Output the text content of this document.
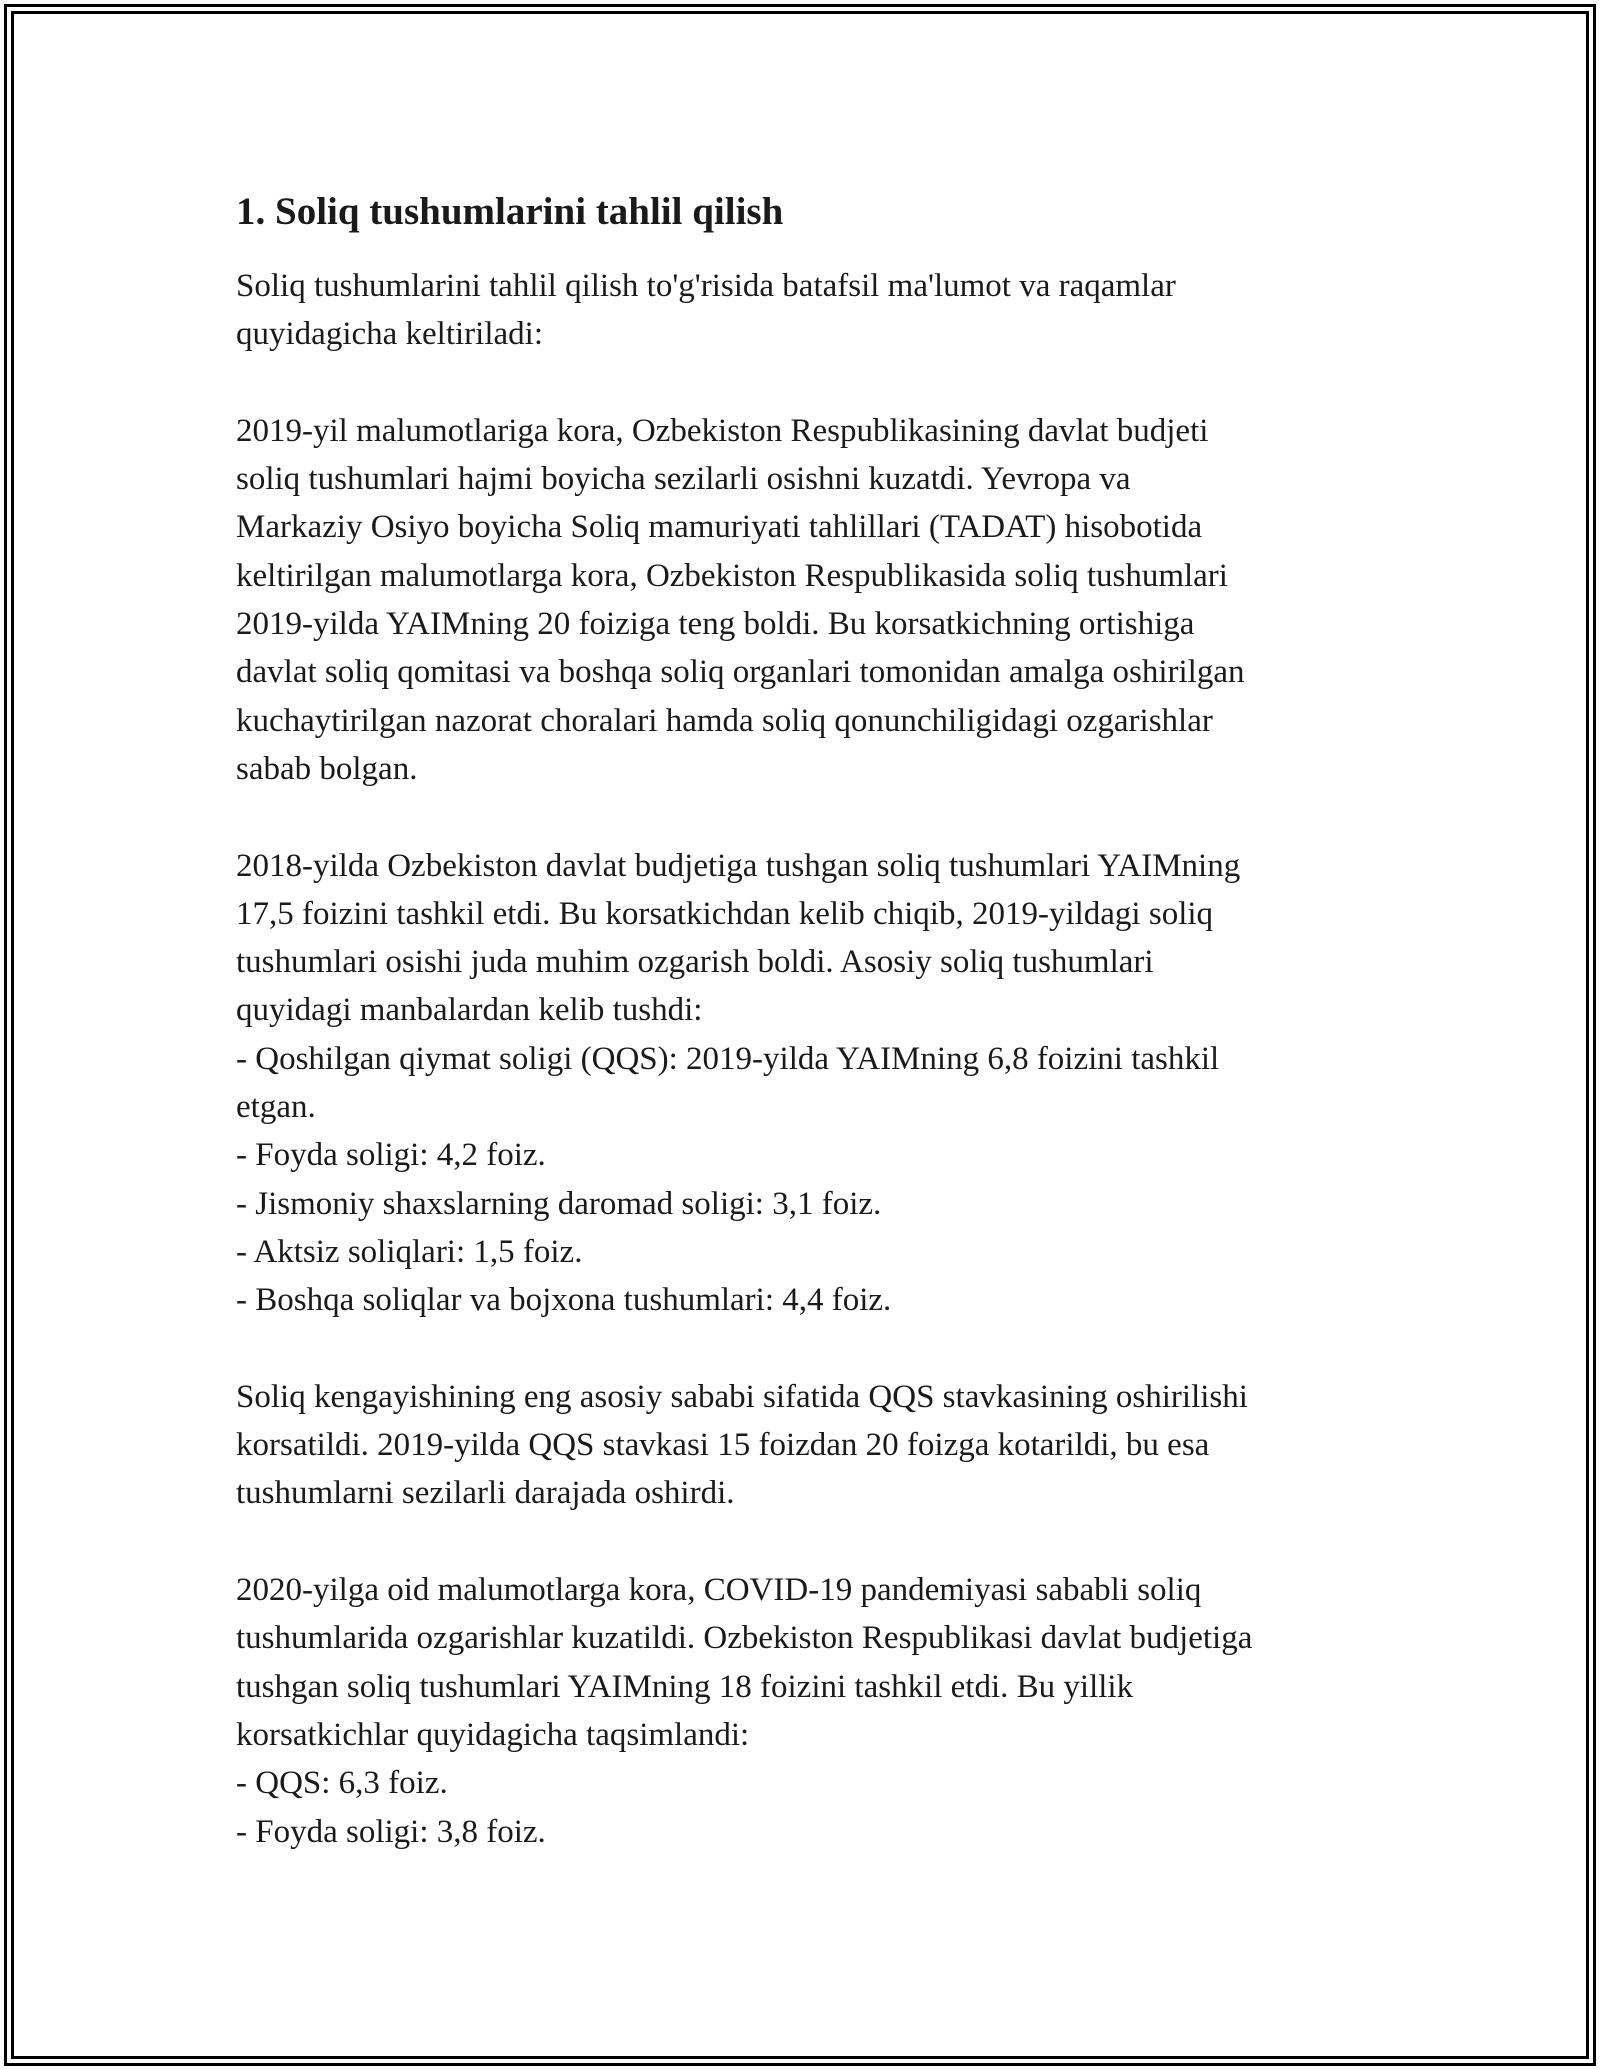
1. Soliq tushumlarini tahlil qilish

Soliq tushumlarini tahlil qilish to'g'risida batafsil ma'lumot va raqamlar
quyidagicha keltiriladi:

2019-yil malumotlariga kora, Ozbekiston Respublikasining davlat budjeti
soliq tushumlari hajmi boyicha sezilarli osishni kuzatdi. Yevropa va
Markaziy Osiyo boyicha Soliq mamuriyati tahlillari (TADAT) hisobotida
keltirilgan malumotlarga kora, Ozbekiston Respublikasida soliq tushumlari
2019-yilda YAIMning 20 foiziga teng boldi. Bu korsatkichning ortishiga
davlat soliq qomitasi va boshqa soliq organlari tomonidan amalga oshirilgan
kuchaytirilgan nazorat choralari hamda soliq qonunchiligidagi ozgarishlar
sabab bolgan.

2018-yilda Ozbekiston davlat budjetiga tushgan soliq tushumlari YAIMning
17,5 foizini tashkil etdi. Bu korsatkichdan kelib chiqib, 2019-yildagi soliq
tushumlari osishi juda muhim ozgarish boldi. Asosiy soliq tushumlari
quyidagi manbalardan kelib tushdi:
- Qoshilgan qiymat soligi (QQS): 2019-yilda YAIMning 6,8 foizini tashkil
etgan.
- Foyda soligi: 4,2 foiz.
- Jismoniy shaxslarning daromad soligi: 3,1 foiz.
- Aktsiz soliqlari: 1,5 foiz.
- Boshqa soliqlar va bojxona tushumlari: 4,4 foiz.

Soliq kengayishining eng asosiy sababi sifatida QQS stavkasining oshirilishi
korsatildi. 2019-yilda QQS stavkasi 15 foizdan 20 foizga kotarildi, bu esa
tushumlarni sezilarli darajada oshirdi.

2020-yilga oid malumotlarga kora, COVID-19 pandemiyasi sababli soliq
tushumlarida ozgarishlar kuzatildi. Ozbekiston Respublikasi davlat budjetiga
tushgan soliq tushumlari YAIMning 18 foizini tashkil etdi. Bu yillik
korsatkichlar quyidagicha taqsimlandi:
- QQS: 6,3 foiz.
- Foyda soligi: 3,8 foiz.
